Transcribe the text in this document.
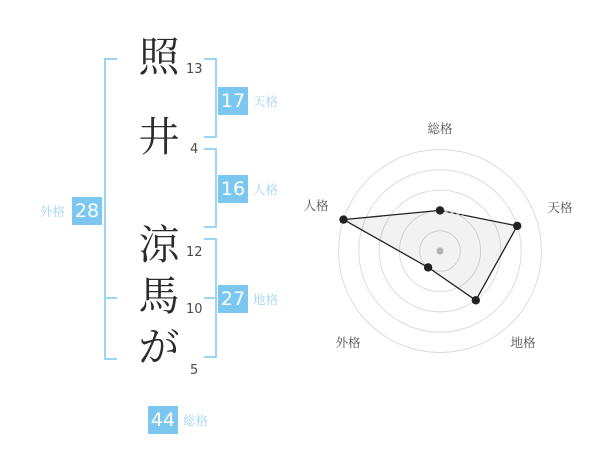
照 13
井 4
涼 12
馬 10
が 5
17 天格
16 人格
27 地格
外格 28
44 総格
総格
天格
地格
外格
人格
